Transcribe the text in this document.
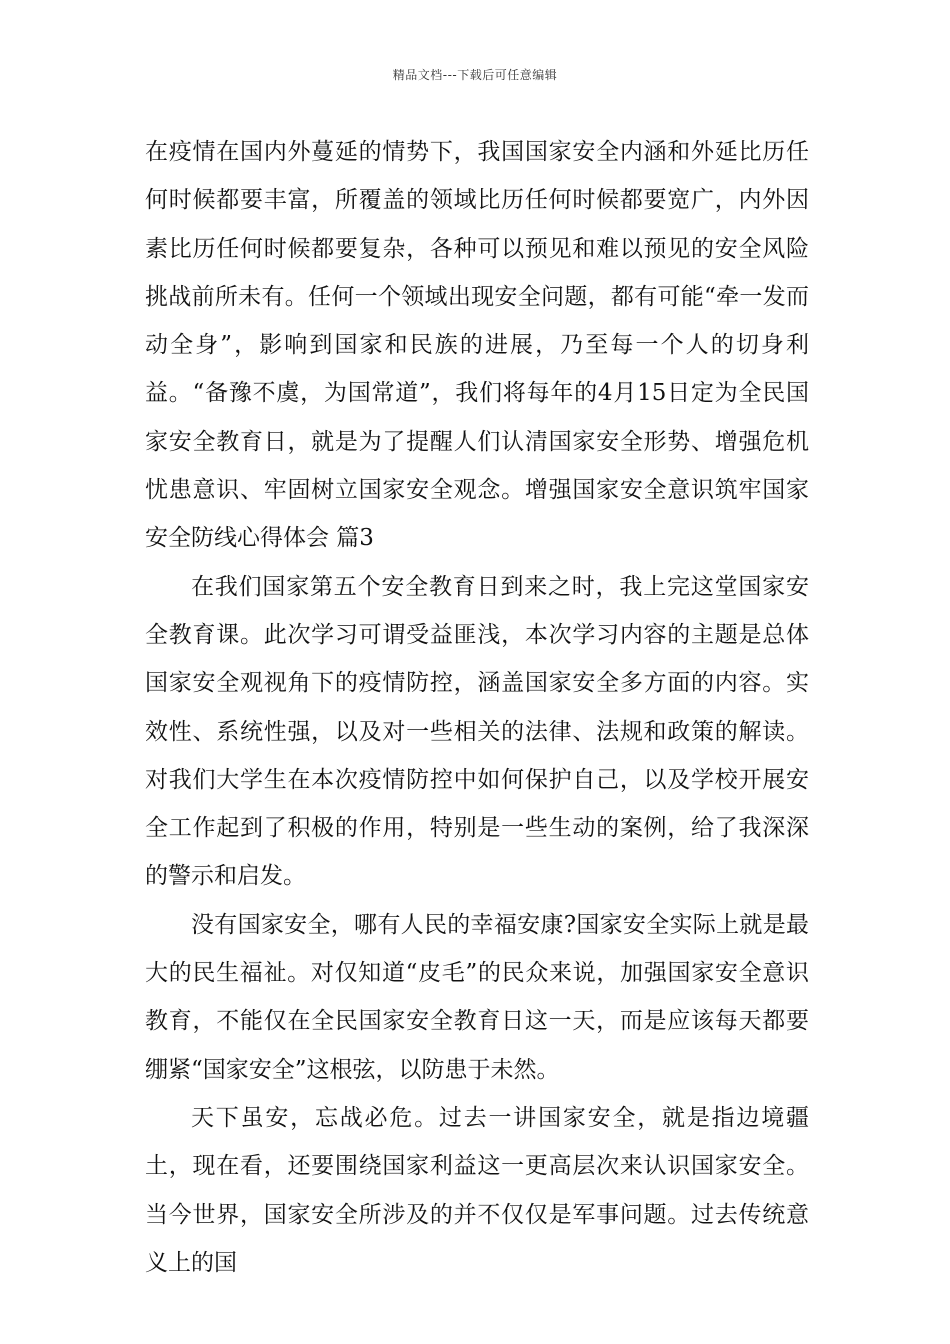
精品文档---下载后可任意编辑

在疫情在国内外蔓延的情势下，我国国家安全内涵和外延比历任何时候都要丰富，所覆盖的领域比历任何时候都要宽广，内外因素比历任何时候都要复杂，各种可以预见和难以预见的安全风险挑战前所未有。任何一个领域出现安全问题，都有可能“牵一发而动全身”，影响到国家和民族的进展，乃至每一个人的切身利益。“备豫不虞，为国常道”，我们将每年的4月15日定为全民国家安全教育日，就是为了提醒人们认清国家安全形势、增强危机忧患意识、牢固树立国家安全观念。增强国家安全意识筑牢国家安全防线心得体会 篇3

在我们国家第五个安全教育日到来之时，我上完这堂国家安全教育课。此次学习可谓受益匪浅，本次学习内容的主题是总体国家安全观视角下的疫情防控，涵盖国家安全多方面的内容。实效性、系统性强，以及对一些相关的法律、法规和政策的解读。对我们大学生在本次疫情防控中如何保护自己，以及学校开展安全工作起到了积极的作用，特别是一些生动的案例，给了我深深的警示和启发。

没有国家安全，哪有人民的幸福安康?国家安全实际上就是最大的民生福祉。对仅知道“皮毛”的民众来说，加强国家安全意识教育，不能仅在全民国家安全教育日这一天，而是应该每天都要绷紧“国家安全”这根弦，以防患于未然。

天下虽安，忘战必危。过去一讲国家安全，就是指边境疆土，现在看，还要围绕国家利益这一更高层次来认识国家安全。当今世界，国家安全所涉及的并不仅仅是军事问题。过去传统意义上的国
